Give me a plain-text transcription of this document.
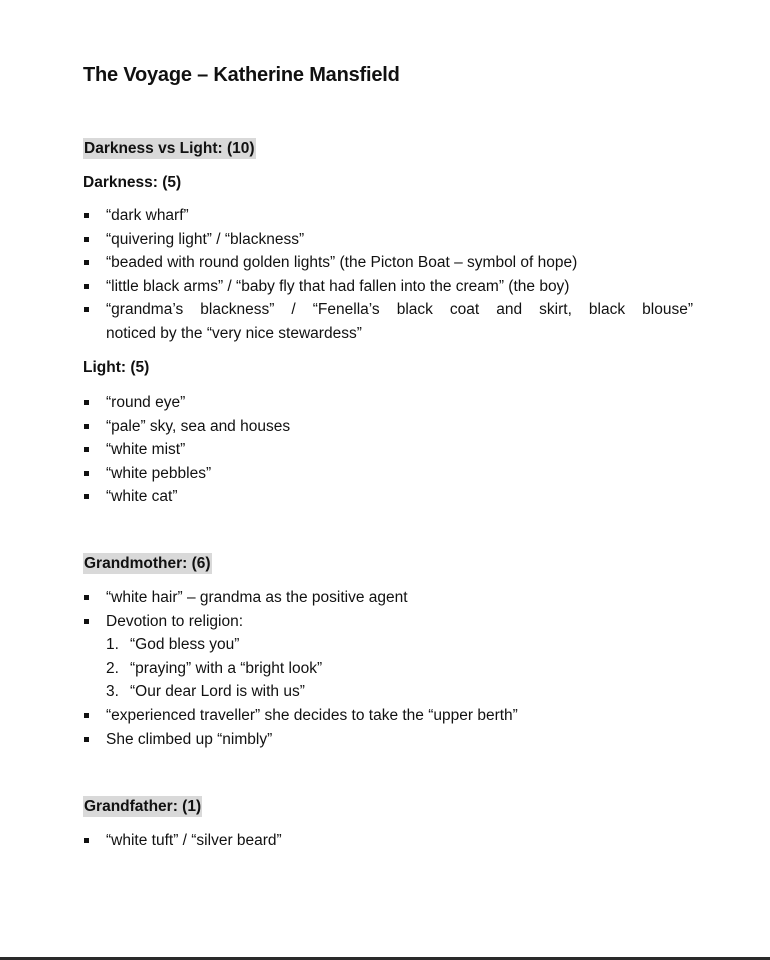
The Voyage – Katherine Mansfield
Darkness vs Light: (10)
Darkness: (5)
“dark wharf”
“quivering light” / “blackness”
“beaded with round golden lights” (the Picton Boat – symbol of hope)
“little black arms” / “baby fly that had fallen into the cream” (the boy)
“grandma’s blackness” / “Fenella’s black coat and skirt, black blouse”
noticed by the “very nice stewardess”
Light: (5)
“round eye”
“pale” sky, sea and houses
“white mist”
“white pebbles”
“white cat”
Grandmother: (6)
“white hair” – grandma as the positive agent
Devotion to religion:
1. “God bless you”
2. “praying” with a “bright look”
3. “Our dear Lord is with us”
“experienced traveller” she decides to take the “upper berth”
She climbed up “nimbly”
Grandfather: (1)
“white tuft” / “silver beard”
